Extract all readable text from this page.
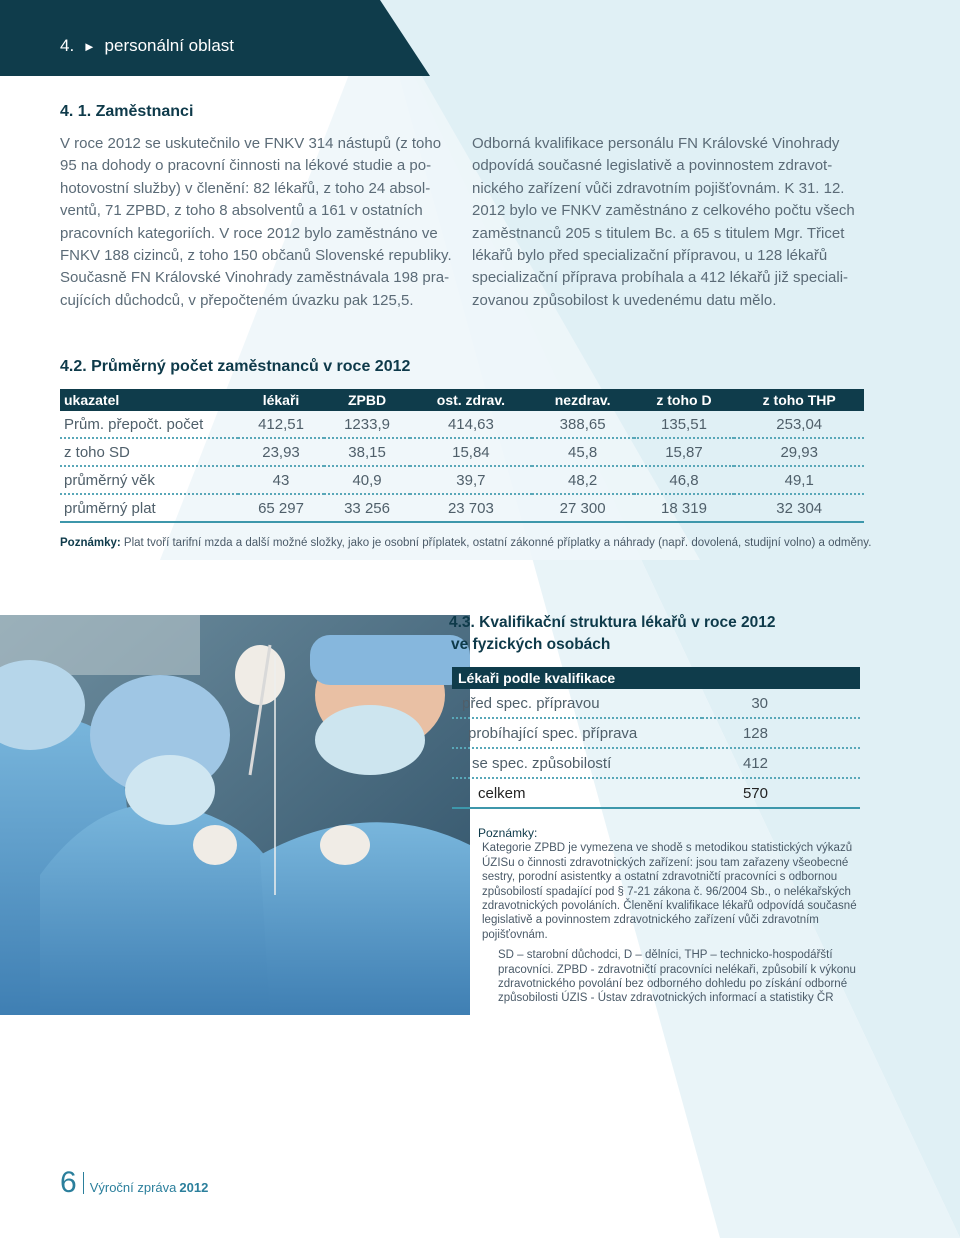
4. ► personální oblast
4. 1. Zaměstnanci

V roce 2012 se uskutečnilo ve FNKV 314 nástupů (z toho

95 na dohody o pracovní činnosti na lékové studie a po-

hotovostní služby) v členění: 82 lékařů, z toho 24 absol-

ventů, 71 ZPBD, z toho 8 absolventů a 161 v ostatních

pracovních kategoriích. V roce 2012 bylo zaměstnáno ve

FNKV 188 cizinců, z toho 150 občanů Slovenské republiky.

Současně FN Královské Vinohrady zaměstnávala 198 pra-

cujících důchodců, v přepočteném úvazku pak 125,5.

Odborná kvalifikace personálu FN Královské Vinohrady

odpovídá současné legislativě a povinnostem zdravot-

nického zařízení vůči zdravotním pojišťovnám. K 31. 12.

2012 bylo ve FNKV zaměstnáno z celkového počtu všech

zaměstnanců 205 s titulem Bc. a 65 s titulem Mgr. Třicet

lékařů bylo před specializační přípravou, u 128 lékařů

specializační příprava probíhala a 412 lékařů již speciali-

zovanou způsobilost k uvedenému datu mělo.

4.2. Průměrný počet zaměstnanců v roce 2012
ukazatel	lékaři	ZPBD	ost. zdrav.	nezdrav.	z toho D	z toho THP
Prům. přepočt. počet	412,51	1233,9	414,63	388,65	135,51	253,04
z toho SD	23,93	38,15	15,84	45,8	15,87	29,93
průměrný věk	43	40,9	39,7	48,2	46,8	49,1
průměrný plat	65 297	33 256	23 703	27 300	18 319	32 304
Poznámky: Plat tvoří tarifní mzda a další možné složky, jako je osobní příplatek, ostatní zákonné příplatky a náhrady (např. dovolená, studijní volno) a odměny.
4.3. Kvalifikační struktura lékařů v roce 2012
ve fyzických osobách
Lékaři podle kvalifikace	
před spec. přípravou	30
probíhající spec. příprava	128
se spec. způsobilostí	412
celkem	570

Poznámky:

Kategorie ZPBD je vymezena ve shodě s metodikou statistických výkazů ÚZISu o činnosti zdravotnických zařízení: jsou tam zařazeny všeobecné sestry, porodní asistentky a ostatní zdravotničtí pracovníci s odbornou způsobilostí spadající pod § 7-21 zákona č. 96/2004 Sb., o nelékařských zdravotnických povoláních. Členění kvalifikace lékařů odpovídá současné legislativě a povinnostem zdravotnického zařízení vůči zdravotním pojišťovnám.

SD – starobní důchodci, D – dělníci, THP – technicko-hospodářští pracovníci. ZPBD - zdravotničtí pracovníci nelékaři, způsobilí k výkonu zdravotnického povolání bez odborného dohledu po získání odborné způsobilosti ÚZIS - Ústav zdravotnických informací a statistiky ČR

6 Výroční zpráva 2012
